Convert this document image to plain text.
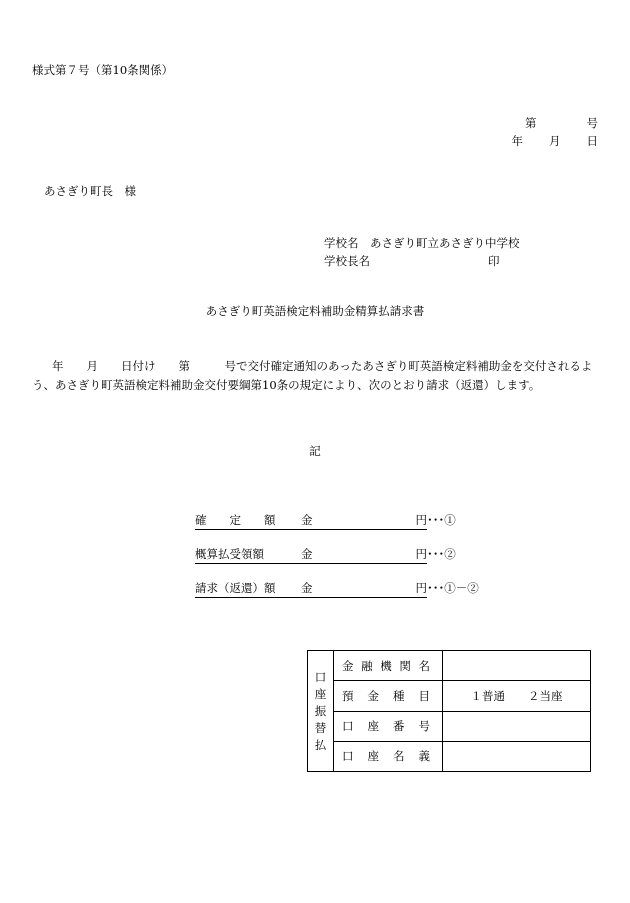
様式第７号（第10条関係）
第	号
年 月 日
あさぎり町長　様
学校名　 あさぎり町立あさぎり中学校
学校長名	印
あさぎり町英語検定料補助金精算払請求書
年　　月　　日付け　　第　　　号で交付確定通知のあったあさぎり町英語検定料補助金を交付されるよう、あさぎり町英語検定料補助金交付要綱第10条の規定により、次のとおり請求（返還）します。
記
確　　定　　額 金	円 ･･･①
概算払受領額	金	円 ･･･②
請求（返還）額 金	円 ･･･①－②
口
座
振
替
払	金 融 機 関 名	

	預 金 種 目	１普通　　２当座

	口 座 番 号	

	口 座 名 義	
